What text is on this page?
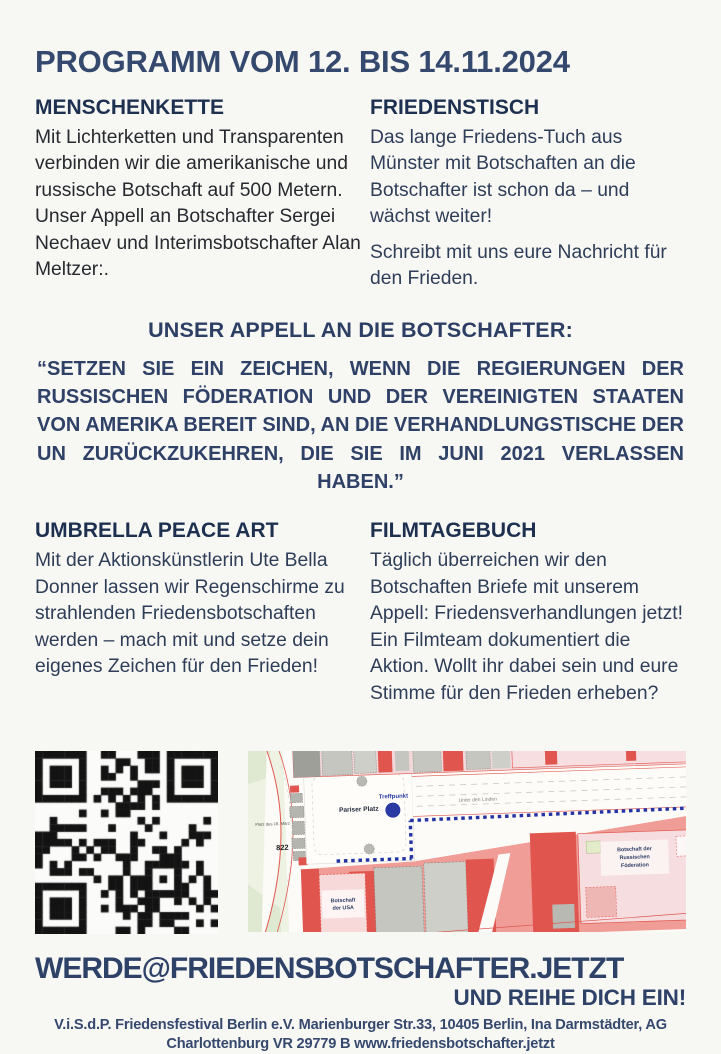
PROGRAMM VOM 12. BIS 14.11.2024
MENSCHENKETTE

Mit Lichterketten und Transparenten verbinden wir die amerikanische und russische Botschaft auf 500 Metern. Unser Appell an Botschafter Sergei Nechaev und Interimsbotschafter Alan Meltzer:.

FRIEDENSTISCH

Das lange Friedens-Tuch aus Münster mit Botschaften an die Botschafter ist schon da – und wächst weiter!

Schreibt mit uns eure Nachricht für den Frieden.

UNSER APPELL AN DIE BOTSCHAFTER:
“SETZEN SIE EIN ZEICHEN, WENN DIE REGIERUNGEN DER RUSSISCHEN FÖDERATION UND DER VEREINIGTEN STAATEN VON AMERIKA BEREIT SIND, AN DIE VERHANDLUNGSTISCHE DER UN ZURÜCKZUKEHREN, DIE SIE IM JUNI 2021 VERLASSEN HABEN.”
UMBRELLA PEACE ART

Mit der Aktionskünstlerin Ute Bella Donner lassen wir Regenschirme zu strahlenden Friedensbotschaften werden – mach mit und setze dein eigenes Zeichen für den Frieden!

FILMTAGEBUCH

Täglich überreichen wir den Botschaften Briefe mit unserem Appell: Friedensverhandlungen jetzt! Ein Filmteam dokumentiert die Aktion. Wollt ihr dabei sein und eure Stimme für den Frieden erheben?

Platz des 18. März
822
Pariser Platz
Treffpunkt	Unter den Linden
Botschaft
der USA
Botschaft der
Russischen
Föderation
WERDE@FRIEDENSBOTSCHAFTER.JETZT
UND REIHE DICH EIN!
V.i.S.d.P. Friedensfestival Berlin e.V. Marienburger Str.33, 10405 Berlin, Ina Darmstädter, AG
Charlottenburg VR 29779 B www.friedensbotschafter.jetzt
